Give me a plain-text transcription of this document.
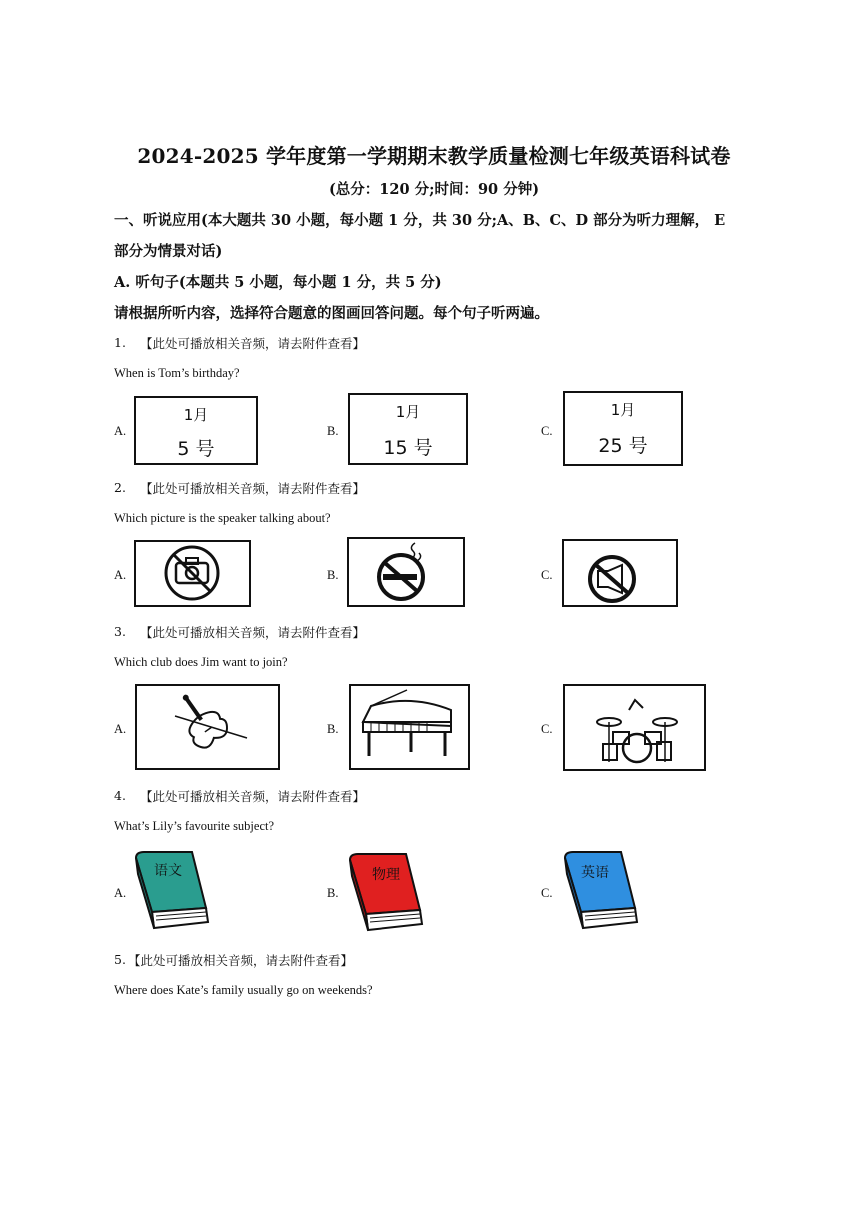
2024-2025 学年度第一学期期末教学质量检测七年级英语科试卷
(总分：120 分;时间：90 分钟)
一、听说应用(本大题共 30 小题，每小题 1 分，共 30 分;A、B、C、D 部分为听力理解， E
部分为情景对话)
A. 听句子(本题共 5 小题，每小题 1 分，共 5 分)
请根据所听内容，选择符合题意的图画回答问题。每个句子听两遍。
1. 【此处可播放相关音频，请去附件查看】
When is Tom’s birthday?
A.
1月
5 号
B.
1月
15 号
C.
1月
25 号
2. 【此处可播放相关音频，请去附件查看】
Which picture is the speaker talking about?
A.	B.	C.
3. 【此处可播放相关音频，请去附件查看】
Which club does Jim want to join?
A.	B.	C.
4. 【此处可播放相关音频，请去附件查看】
What’s Lily’s favourite subject?
A.
语文
B.
物理
C.
英语
5. 【此处可播放相关音频，请去附件查看】
Where does Kate’s family usually go on weekends?
